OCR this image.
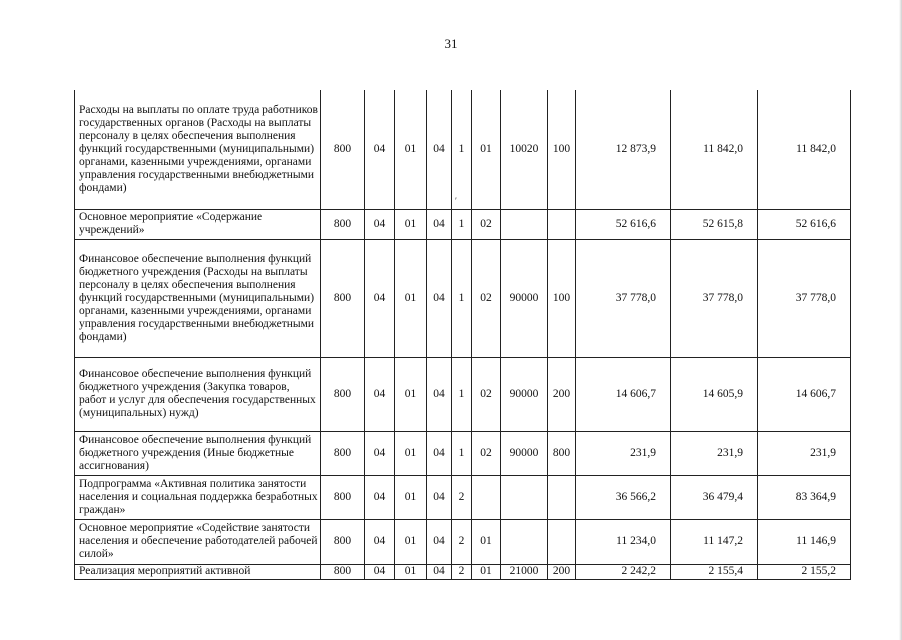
31
Расходы на выплаты по оплате труда работников государственных органов (Расходы на выплаты персоналу в целях обеспечения выполнения функций государственными (муниципальными) органами, казенными учреждениями, органами управления государственными внебюджетными фондами)	800	04	01	04	1	01	10020	100	12 873,9	11 842,0	11 842,0
Основное мероприятие «Содержание учреждений»	800	04	01	04	1	02			52 616,6	52 615,8	52 616,6
Финансовое обеспечение выполнения функций бюджетного учреждения (Расходы на выплаты персоналу в целях обеспечения выполнения функций государственными (муниципальными) органами, казенными учреждениями, органами управления государственными внебюджетными фондами)	800	04	01	04	1	02	90000	100	37 778,0	37 778,0	37 778,0
Финансовое обеспечение выполнения функций бюджетного учреждения (Закупка товаров, работ и услуг для обеспечения государственных (муниципальных) нужд)	800	04	01	04	1	02	90000	200	14 606,7	14 605,9	14 606,7
Финансовое обеспечение выполнения функций бюджетного учреждения (Иные бюджетные ассигнования)	800	04	01	04	1	02	90000	800	231,9	231,9	231,9
Подпрограмма «Активная политика занятости населения и социальная поддержка безработных граждан»	800	04	01	04	2				36 566,2	36 479,4	83 364,9
Основное мероприятие «Содействие занятости населения и обеспечение работодателей рабочей силой»	800	04	01	04	2	01			11 234,0	11 147,2	11 146,9
Реализация мероприятий активной	800	04	01	04	2	01	21000	200	2 242,2	2 155,4	2 155,2
′
